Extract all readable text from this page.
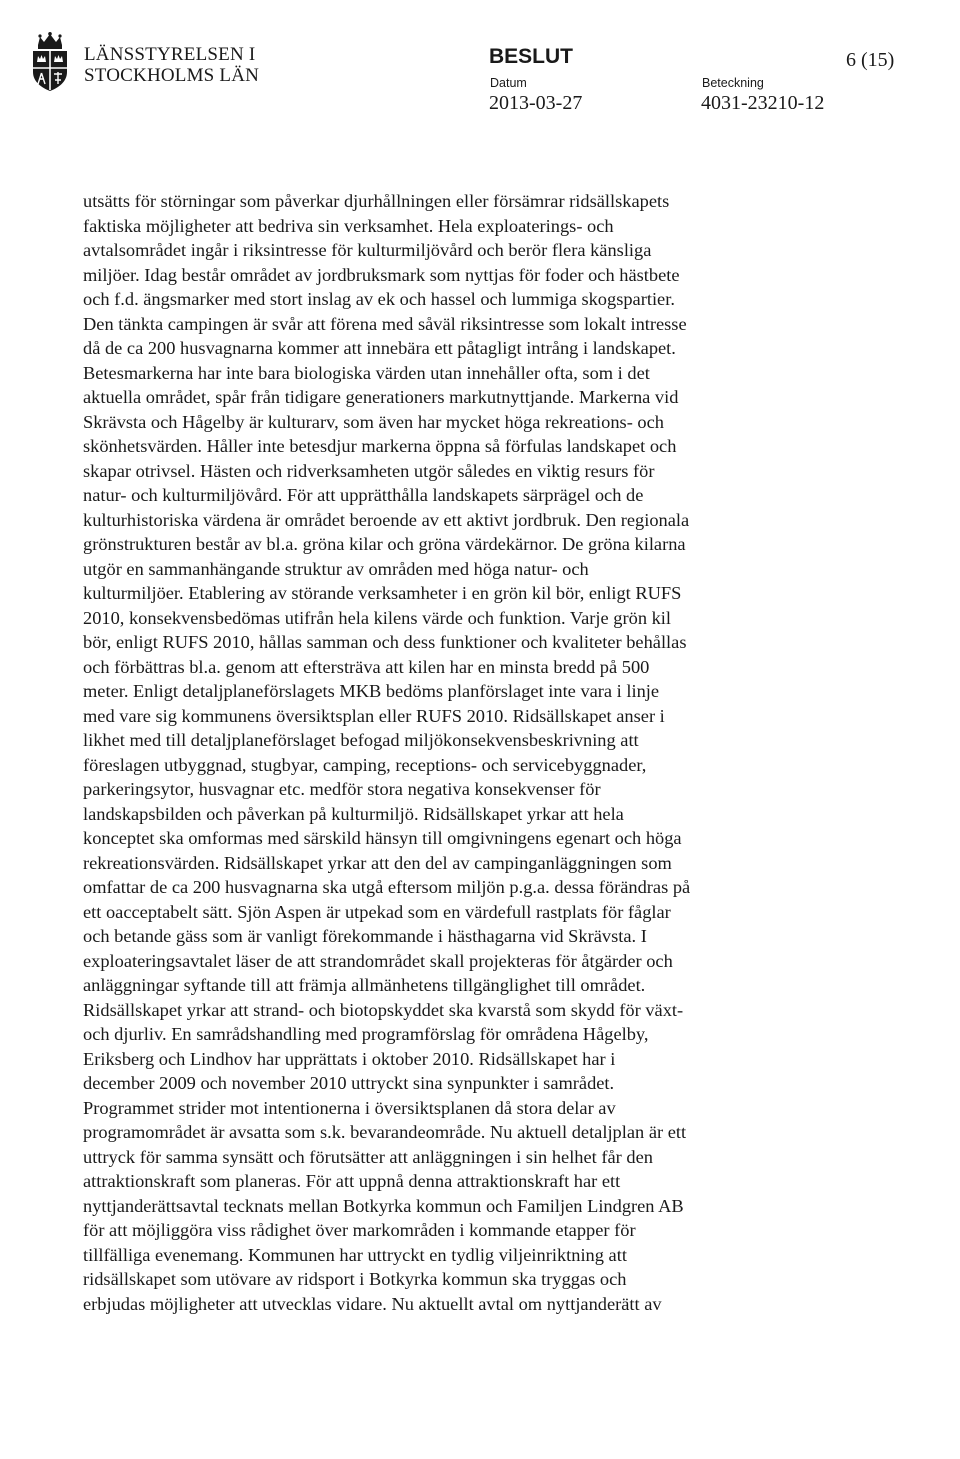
LÄNSSTYRELSEN I
STOCKHOLMS LÄN
BESLUT
Datum
2013-03-27
Beteckning
4031-23210-12
6 (15)
utsätts för störningar som påverkar djurhållningen eller försämrar ridsällskapets
faktiska möjligheter att bedriva sin verksamhet. Hela exploaterings- och
avtalsområdet ingår i riksintresse för kulturmiljövård och berör flera känsliga
miljöer. Idag består området av jordbruksmark som nyttjas för foder och hästbete
och f.d. ängsmarker med stort inslag av ek och hassel och lummiga skogspartier.
Den tänkta campingen är svår att förena med såväl riksintresse som lokalt intresse
då de ca 200 husvagnarna kommer att innebära ett påtagligt intrång i landskapet.
Betesmarkerna har inte bara biologiska värden utan innehåller ofta, som i det
aktuella området, spår från tidigare generationers markutnyttjande. Markerna vid
Skrävsta och Hågelby är kulturarv, som även har mycket höga rekreations- och
skönhetsvärden. Håller inte betesdjur markerna öppna så förfulas landskapet och
skapar otrivsel. Hästen och ridverksamheten utgör således en viktig resurs för
natur- och kulturmiljövård. För att upprätthålla landskapets särprägel och de
kulturhistoriska värdena är området beroende av ett aktivt jordbruk. Den regionala
grönstrukturen består av bl.a. gröna kilar och gröna värdekärnor. De gröna kilarna
utgör en sammanhängande struktur av områden med höga natur- och
kulturmiljöer. Etablering av störande verksamheter i en grön kil bör, enligt RUFS
2010, konsekvensbedömas utifrån hela kilens värde och funktion. Varje grön kil
bör, enligt RUFS 2010, hållas samman och dess funktioner och kvaliteter behållas
och förbättras bl.a. genom att eftersträva att kilen har en minsta bredd på 500
meter. Enligt detaljplaneförslagets MKB bedöms planförslaget inte vara i linje
med vare sig kommunens översiktsplan eller RUFS 2010. Ridsällskapet anser i
likhet med till detaljplaneförslaget befogad miljökonsekvensbeskrivning att
föreslagen utbyggnad, stugbyar, camping, receptions- och servicebyggnader,
parkeringsytor, husvagnar etc. medför stora negativa konsekvenser för
landskapsbilden och påverkan på kulturmiljö. Ridsällskapet yrkar att hela
konceptet ska omformas med särskild hänsyn till omgivningens egenart och höga
rekreationsvärden. Ridsällskapet yrkar att den del av campinganläggningen som
omfattar de ca 200 husvagnarna ska utgå eftersom miljön p.g.a. dessa förändras på
ett oacceptabelt sätt. Sjön Aspen är utpekad som en värdefull rastplats för fåglar
och betande gäss som är vanligt förekommande i hästhagarna vid Skrävsta. I
exploateringsavtalet läser de att strandområdet skall projekteras för åtgärder och
anläggningar syftande till att främja allmänhetens tillgänglighet till området.
Ridsällskapet yrkar att strand- och biotopskyddet ska kvarstå som skydd för växt-
och djurliv. En samrådshandling med programförslag för områdena Hågelby,
Eriksberg och Lindhov har upprättats i oktober 2010. Ridsällskapet har i
december 2009 och november 2010 uttryckt sina synpunkter i samrådet.
Programmet strider mot intentionerna i översiktsplanen då stora delar av
programområdet är avsatta som s.k. bevarandeområde. Nu aktuell detaljplan är ett
uttryck för samma synsätt och förutsätter att anläggningen i sin helhet får den
attraktionskraft som planeras. För att uppnå denna attraktionskraft har ett
nyttjanderättsavtal tecknats mellan Botkyrka kommun och Familjen Lindgren AB
för att möjliggöra viss rådighet över markområden i kommande etapper för
tillfälliga evenemang. Kommunen har uttryckt en tydlig viljeinriktning att
ridsällskapet som utövare av ridsport i Botkyrka kommun ska tryggas och
erbjudas möjligheter att utvecklas vidare. Nu aktuellt avtal om nyttjanderätt av
